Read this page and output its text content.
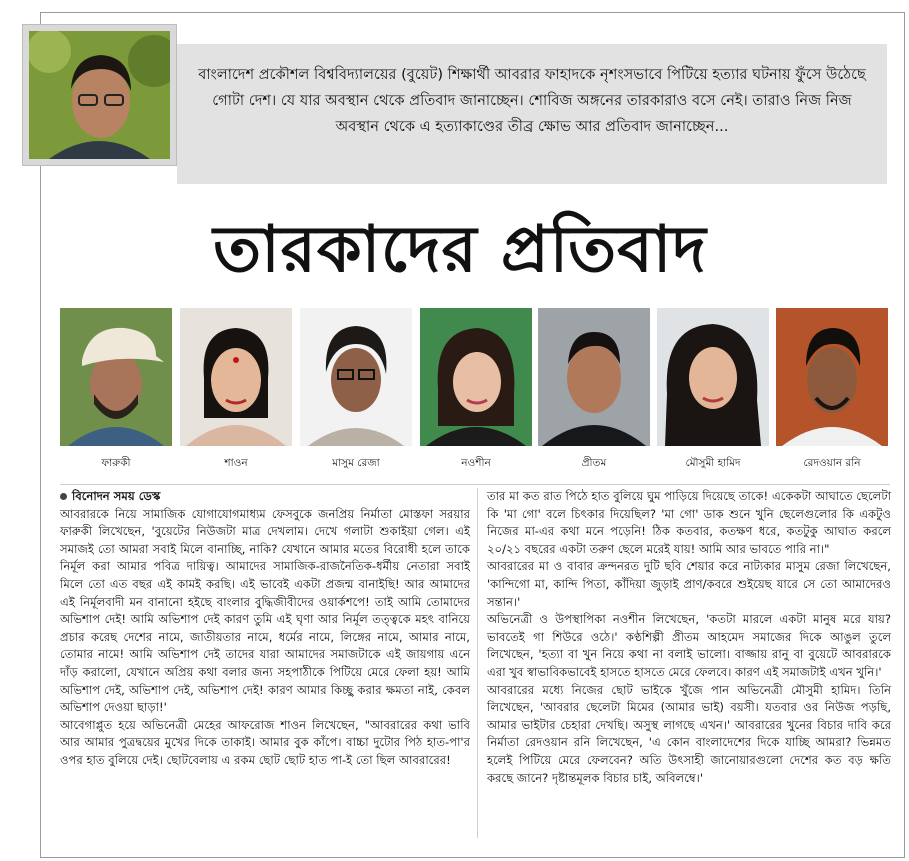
বাংলাদেশ প্রকৌশল বিশ্ববিদ্যালয়ের (বুয়েট) শিক্ষার্থী আবরার ফাহাদকে নৃশংসভাবে পিটিয়ে হত্যার ঘটনায় ফুঁসে উঠেছে গোটা দেশ। যে যার অবস্থান থেকে প্রতিবাদ জানাচ্ছেন। শোবিজ অঙ্গনের তারকারাও বসে নেই। তারাও নিজ নিজ অবস্থান থেকে এ হত্যাকাণ্ডের তীব্র ক্ষোভ আর প্রতিবাদ জানাচ্ছেন...

তারকাদের প্রতিবাদ
ফারুকী	শাওন	মাসুম রেজা	নওশীন	প্রীতম	মৌসুমী হামিদ	রেদওয়ান রনি
বিনোদন সময় ডেস্ক

আবরারকে নিয়ে সামাজিক যোগাযোগমাধ্যম ফেসবুকে জনপ্রিয় নির্মাতা মোস্তফা সরয়ার ফারুকী লিখেছেন, 'বুয়েটের নিউজটা মাত্র দেখলাম। দেখে গলাটা শুকাইয়া গেল। এই সমাজই তো আমরা সবাই মিলে বানাচ্ছি, নাকি? যেখানে আমার মতের বিরোধী হলে তাকে নির্মূল করা আমার পবিত্র দায়িত্ব। আমাদের সামাজিক-রাজনৈতিক-ধর্মীয় নেতারা সবাই মিলে তো এত বছর এই কামই করছি। এই ভাবেই একটা প্রজন্ম বানাইছি! আর আমাদের এই নির্মূলবাদী মন বানানো হইছে বাংলার বুদ্ধিজীবীদের ওয়ার্কশপে! তাই আমি তোমাদের অভিশাপ দেই! আমি অভিশাপ দেই কারণ তুমি এই ঘৃণা আর নির্মূল তত্ত্বকে মহৎ বানিয়ে প্রচার করেছ দেশের নামে, জাতীয়তার নামে, ধর্মের নামে, লিঙ্গের নামে, আমার নামে, তোমার নামে! আমি অভিশাপ দেই তাদের যারা আমাদের সমাজটাকে এই জায়গায় এনে দাঁড় করালো, যেখানে অপ্রিয় কথা বলার জন্য সহপাঠীকে পিটিয়ে মেরে ফেলা হয়! আমি অভিশাপ দেই, অভিশাপ দেই, অভিশাপ দেই! কারণ আমার কিচ্ছু করার ক্ষমতা নাই, কেবল অভিশাপ দেওয়া ছাড়া!'

আবেগাপ্লুত হয়ে অভিনেত্রী মেহের আফরোজ শাওন লিখেছেন, "আবরারের কথা ভাবি আর আমার পুত্রদ্বয়ের মুখের দিকে তাকাই। আমার বুক কাঁপে। বাচ্চা দুটোর পিঠ হাত-পা'র ওপর হাত বুলিয়ে দেই। ছোটবেলায় এ রকম ছোট ছোট হাত পা-ই তো ছিল আবরারের!

তার মা কত রাত পিঠে হাত বুলিয়ে ঘুম পাড়িয়ে দিয়েছে তাকে! একেকটা আঘাতে ছেলেটা কি 'মা গো' বলে চিৎকার দিয়েছিল? 'মা গো' ডাক শুনে খুনি ছেলেগুলোর কি একটুও নিজের মা-এর কথা মনে পড়েনি! ঠিক কতবার, কতক্ষণ ধরে, কতটুকু আঘাত করলে ২০/২১ বছরের একটা তরুণ ছেলে মরেই যায়! আমি আর ভাবতে পারি না।"

আবরারের মা ও বাবার ক্রন্দনরত দুটি ছবি শেয়ার করে নাট্যকার মাসুম রেজা লিখেছেন, 'কান্দিগো মা, কান্দি পিতা, কাঁদিয়া জুড়াই প্রাণ/কবরে শুইয়েছ যারে সে তো আমাদেরও সন্তান।'

অভিনেত্রী ও উপস্থাপিকা নওশীন লিখেছেন, 'কতটা মারলে একটা মানুষ মরে যায়? ভাবতেই গা শিউরে ওঠে।' কণ্ঠশিল্পী প্রীতম আহমেদ সমাজের দিকে আঙুল তুলে লিখেছেন, 'হত্যা বা খুন নিয়ে কথা না বলাই ভালো। বাজ্জায় রানু বা বুয়েটে আবরারকে এরা খুব স্বাভাবিকভাবেই হাসতে হাসতে মেরে ফেলবে। কারণ এই সমাজটাই এখন খুনি।'

আবরারের মধ্যে নিজের ছোট ভাইকে খুঁজে পান অভিনেত্রী মৌসুমী হামিদ। তিনি লিখেছেন, 'আবরার ছেলেটা মিমের (আমার ভাই) বয়সী। যতবার ওর নিউজ পড়ছি, আমার ভাইটার চেহারা দেখছি। অসুস্থ লাগছে এখন।' আবরারের খুনের বিচার দাবি করে নির্মাতা রেদওয়ান রনি লিখেছেন, 'এ কোন বাংলাদেশের দিকে যাচ্ছি আমরা? ভিন্নমত হলেই পিটিয়ে মেরে ফেলবেন? অতি উৎসাহী জানোয়ারগুলো দেশের কত বড় ক্ষতি করছে জানে? দৃষ্টান্তমূলক বিচার চাই, অবিলম্বে।'
